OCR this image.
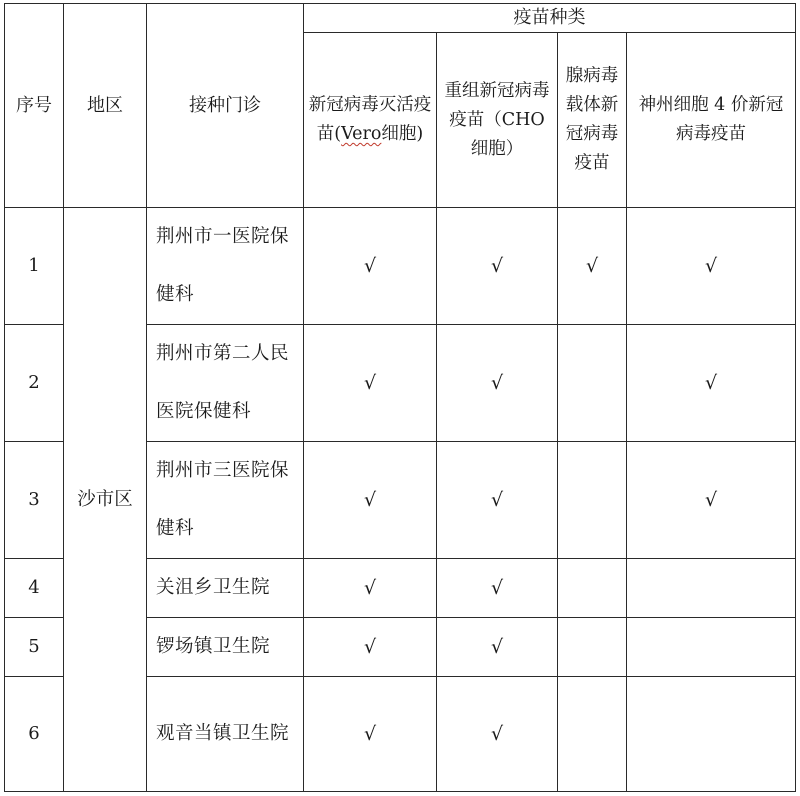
序号	地区	接种门诊	疫苗种类			
			新冠病毒灭活疫苗(Vero细胞)	重组新冠病毒疫苗（CHO 细胞）	腺病毒载体新冠病毒疫苗	神州细胞 4 价新冠病毒疫苗
1	沙市区	荆州市一医院保健科	√	√	√	√
2		荆州市第二人民医院保健科	√	√		√
3		荆州市三医院保健科	√	√		√
4		关沮乡卫生院	√	√		
5		锣场镇卫生院	√	√		
6		观音当镇卫生院	√	√		
